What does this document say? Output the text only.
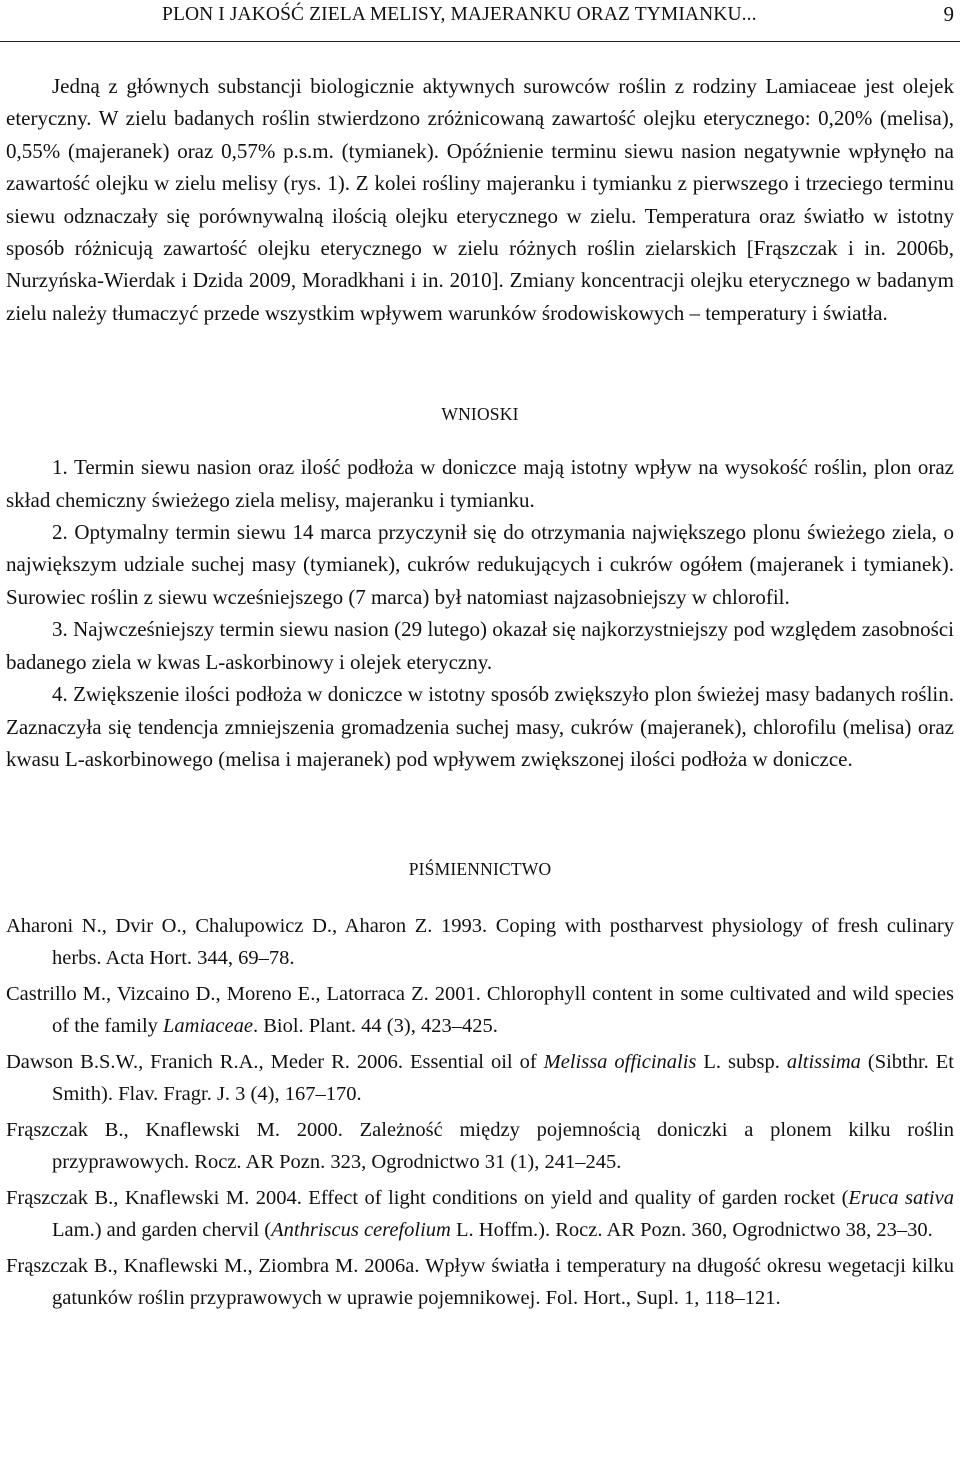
PLON I JAKOŚĆ ZIELA MELISY, MAJERANKU ORAZ TYMIANKU...	9

Jedną z głównych substancji biologicznie aktywnych surowców roślin z rodziny Lamiaceae jest olejek eteryczny. W zielu badanych roślin stwierdzono zróżnicowaną zawartość olejku eterycznego: 0,20% (melisa), 0,55% (majeranek) oraz 0,57% p.s.m. (tymianek). Opóźnienie terminu siewu nasion negatywnie wpłynęło na zawartość olejku w zielu melisy (rys. 1). Z kolei rośliny majeranku i tymianku z pierwszego i trzeciego terminu siewu odznaczały się porównywalną ilością olejku eterycznego w zielu. Temperatura oraz światło w istotny sposób różnicują zawartość olejku eterycznego w zielu różnych roślin zielarskich [Frąszczak i in. 2006b, Nurzyńska-Wierdak i Dzida 2009, Moradkhani i in. 2010]. Zmiany koncentracji olejku eterycznego w badanym zielu należy tłumaczyć przede wszystkim wpływem warunków środowiskowych – temperatury i światła.

WNIOSKI

1. Termin siewu nasion oraz ilość podłoża w doniczce mają istotny wpływ na wysokość roślin, plon oraz skład chemiczny świeżego ziela melisy, majeranku i tymianku.

2. Optymalny termin siewu 14 marca przyczynił się do otrzymania największego plonu świeżego ziela, o największym udziale suchej masy (tymianek), cukrów redukujących i cukrów ogółem (majeranek i tymianek). Surowiec roślin z siewu wcześniejszego (7 marca) był natomiast najzasobniejszy w chlorofil.

3. Najwcześniejszy termin siewu nasion (29 lutego) okazał się najkorzystniejszy pod względem zasobności badanego ziela w kwas L-askorbinowy i olejek eteryczny.

4. Zwiększenie ilości podłoża w doniczce w istotny sposób zwiększyło plon świeżej masy badanych roślin. Zaznaczyła się tendencja zmniejszenia gromadzenia suchej masy, cukrów (majeranek), chlorofilu (melisa) oraz kwasu L-askorbinowego (melisa i majeranek) pod wpływem zwiększonej ilości podłoża w doniczce.

PIŚMIENNICTWO

Aharoni N., Dvir O., Chalupowicz D., Aharon Z. 1993. Coping with postharvest physiology of fresh culinary herbs. Acta Hort. 344, 69–78.

Castrillo M., Vizcaino D., Moreno E., Latorraca Z. 2001. Chlorophyll content in some cultivated and wild species of the family Lamiaceae. Biol. Plant. 44 (3), 423–425.

Dawson B.S.W., Franich R.A., Meder R. 2006. Essential oil of Melissa officinalis L. subsp. altissima (Sibthr. Et Smith). Flav. Fragr. J. 3 (4), 167–170.

Frąszczak B., Knaflewski M. 2000. Zależność między pojemnością doniczki a plonem kilku roślin przyprawowych. Rocz. AR Pozn. 323, Ogrodnictwo 31 (1), 241–245.

Frąszczak B., Knaflewski M. 2004. Effect of light conditions on yield and quality of garden rocket (Eruca sativa Lam.) and garden chervil (Anthriscus cerefolium L. Hoffm.). Rocz. AR Pozn. 360, Ogrodnictwo 38, 23–30.

Frąszczak B., Knaflewski M., Ziombra M. 2006a. Wpływ światła i temperatury na długość okresu wegetacji kilku gatunków roślin przyprawowych w uprawie pojemnikowej. Fol. Hort., Supl. 1, 118–121.
